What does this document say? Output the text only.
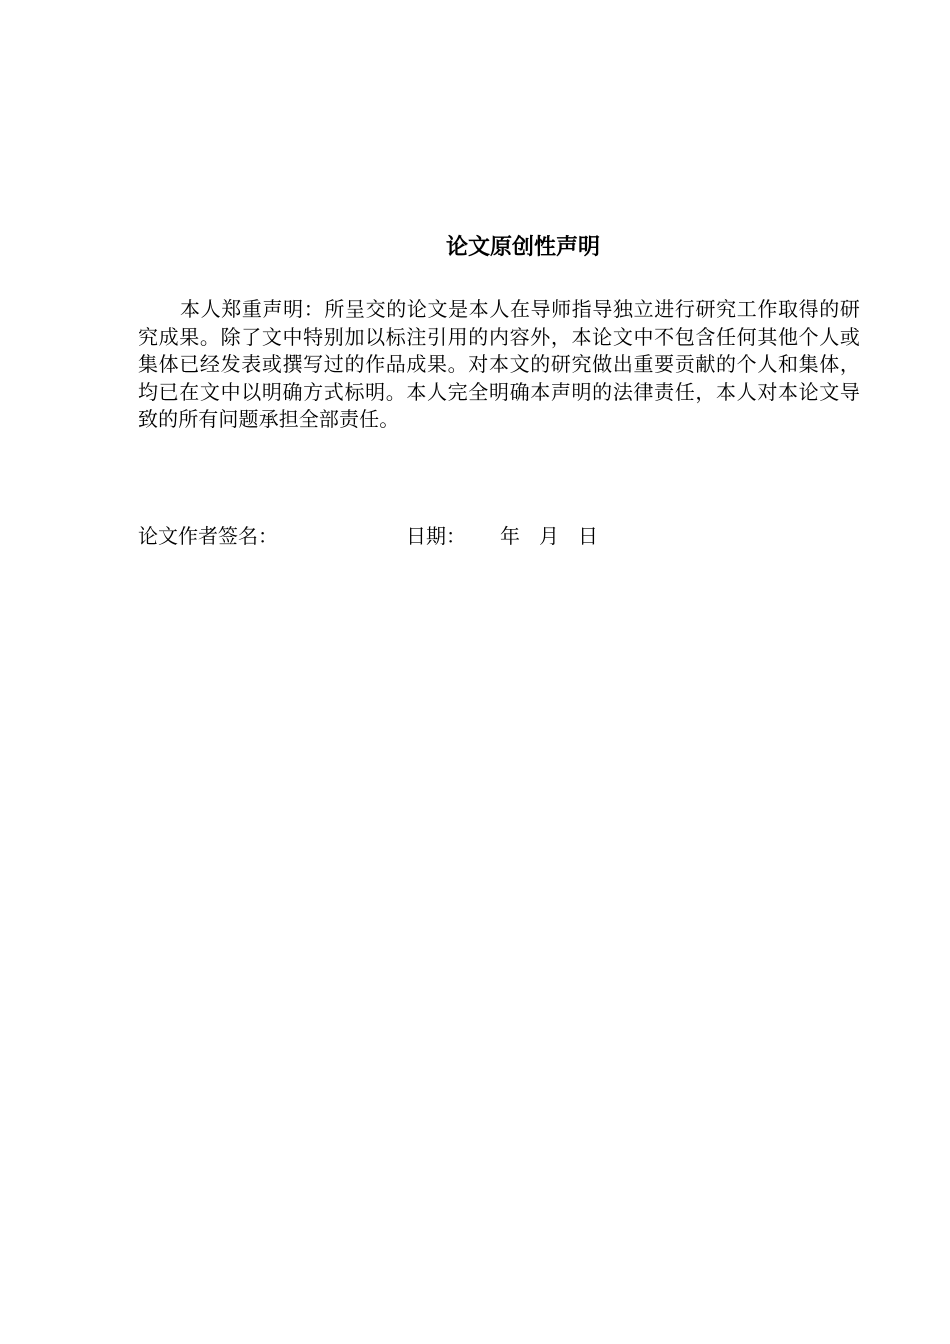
论文原创性声明
本人郑重声明：所呈交的论文是本人在导师指导独立进行研究工作取得的研究成果。除了文中特别加以标注引用的内容外，本论文中不包含任何其他个人或集体已经发表或撰写过的作品成果。对本文的研究做出重要贡献的个人和集体，均已在文中以明确方式标明。本人完全明确本声明的法律责任，本人对本论文导致的所有问题承担全部责任。
论文作者签名：	日期： 年 月 日
